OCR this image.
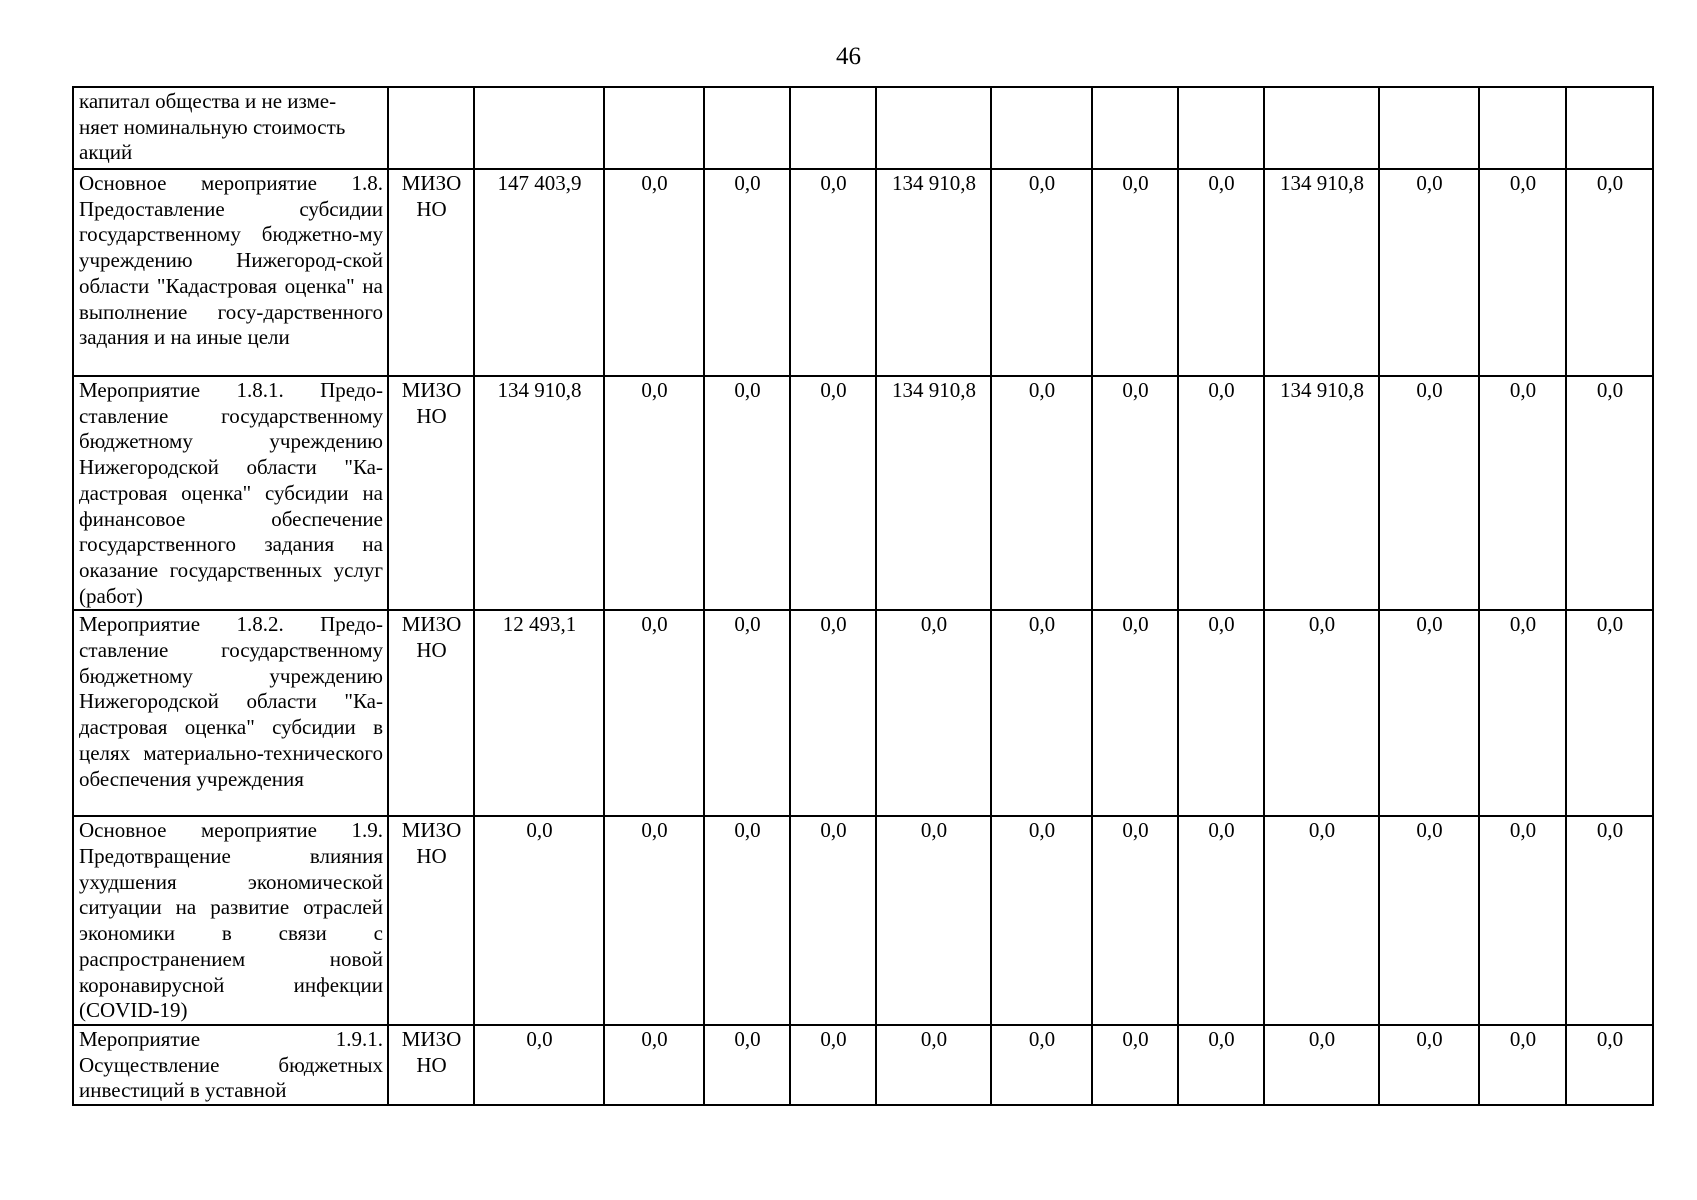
46
капитал общества и не изме-
няет номинальную стоимость
акций													
Основное мероприятие 1.8. Предоставление субсидии государственному бюджетно-му учреждению Нижегород-ской области "Кадастровая оценка" на выполнение госу-дарственного задания и на иные цели	МИЗО НО	147 403,9	0,0	0,0	0,0	134 910,8	0,0	0,0	0,0	134 910,8	0,0	0,0	0,0
Мероприятие 1.8.1. Предо-ставление государственному бюджетному учреждению Нижегородской области "Ка-дастровая оценка" субсидии на финансовое обеспечение государственного задания на оказание государственных услуг (работ)	МИЗО НО	134 910,8	0,0	0,0	0,0	134 910,8	0,0	0,0	0,0	134 910,8	0,0	0,0	0,0
Мероприятие 1.8.2. Предо-ставление государственному бюджетному учреждению Нижегородской области "Ка-дастровая оценка" субсидии в целях материально-технического обеспечения учреждения	МИЗО НО	12 493,1	0,0	0,0	0,0	0,0	0,0	0,0	0,0	0,0	0,0	0,0	0,0
Основное мероприятие 1.9. Предотвращение влияния ухудшения экономической ситуации на развитие отраслей экономики в связи с распространением новой коронавирусной инфекции (COVID-19)	МИЗО НО	0,0	0,0	0,0	0,0	0,0	0,0	0,0	0,0	0,0	0,0	0,0	0,0
Мероприятие 1.9.1. Осуществление бюджетных инвестиций в уставной	МИЗО НО	0,0	0,0	0,0	0,0	0,0	0,0	0,0	0,0	0,0	0,0	0,0	0,0
